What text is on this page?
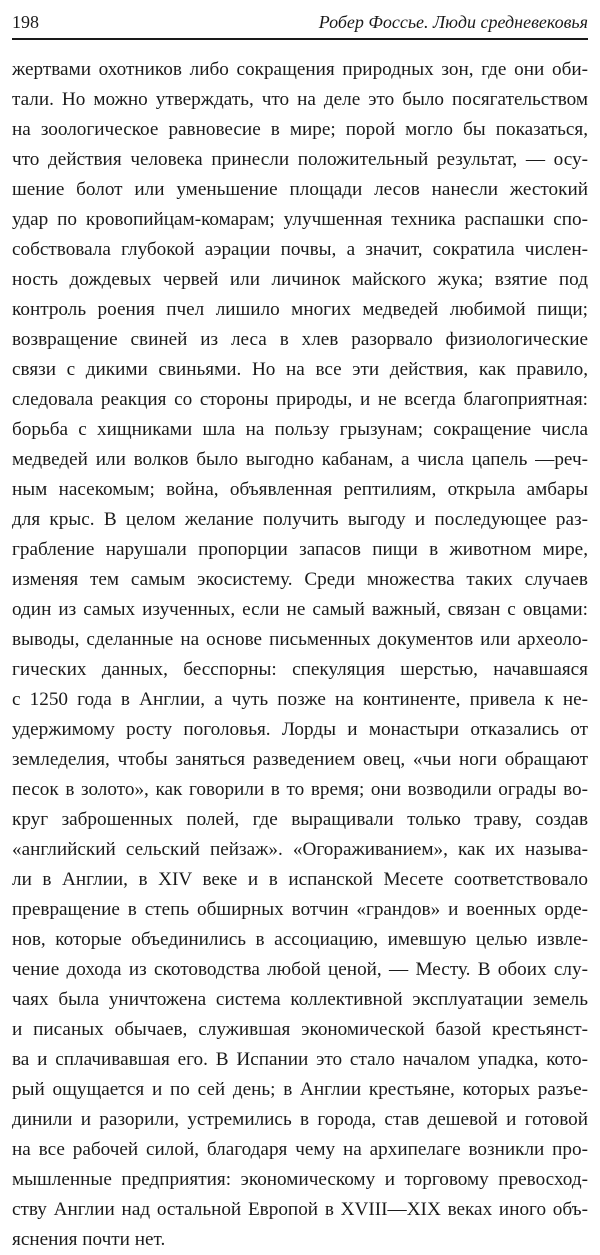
198	Робер Фоссье. Люди средневековья
жертвами охотников либо сокращения природных зон, где они оби-
тали. Но можно утверждать, что на деле это было посягательством
на зоологическое равновесие в мире; порой могло бы показаться,
что действия человека принесли положительный результат, — осу-
шение болот или уменьшение площади лесов нанесли жестокий
удар по кровопийцам-комарам; улучшенная техника распашки спо-
собствовала глубокой аэрации почвы, а значит, сократила числен-
ность дождевых червей или личинок майского жука; взятие под
контроль роения пчел лишило многих медведей любимой пищи;
возвращение свиней из леса в хлев разорвало физиологические
связи с дикими свиньями. Но на все эти действия, как правило,
следовала реакция со стороны природы, и не всегда благоприятная:
борьба с хищниками шла на пользу грызунам; сокращение числа
медведей или волков было выгодно кабанам, а числа цапель —реч-
ным насекомым; война, объявленная рептилиям, открыла амбары
для крыс. В целом желание получить выгоду и последующее раз-
грабление нарушали пропорции запасов пищи в животном мире,
изменяя тем самым экосистему. Среди множества таких случаев
один из самых изученных, если не самый важный, связан с овцами:
выводы, сделанные на основе письменных документов или археоло-
гических данных, бесспорны: спекуляция шерстью, начавшаяся
с 1250 года в Англии, а чуть позже на континенте, привела к не-
удержимому росту поголовья. Лорды и монастыри отказались от
земледелия, чтобы заняться разведением овец, «чьи ноги обращают
песок в золото», как говорили в то время; они возводили ограды во-
круг заброшенных полей, где выращивали только траву, создав
«английский сельский пейзаж». «Огораживанием», как их называ-
ли в Англии, в XIV веке и в испанской Месете соответствовало
превращение в степь обширных вотчин «грандов» и военных орде-
нов, которые объединились в ассоциацию, имевшую целью извле-
чение дохода из скотоводства любой ценой, — Месту. В обоих слу-
чаях была уничтожена система коллективной эксплуатации земель
и писаных обычаев, служившая экономической базой крестьянст-
ва и сплачивавшая его. В Испании это стало началом упадка, кото-
рый ощущается и по сей день; в Англии крестьяне, которых разъе-
динили и разорили, устремились в города, став дешевой и готовой
на все рабочей силой, благодаря чему на архипелаге возникли про-
мышленные предприятия: экономическому и торговому превосход-
ству Англии над остальной Европой в XVIII—XIX веках иного объ-
яснения почти нет.
